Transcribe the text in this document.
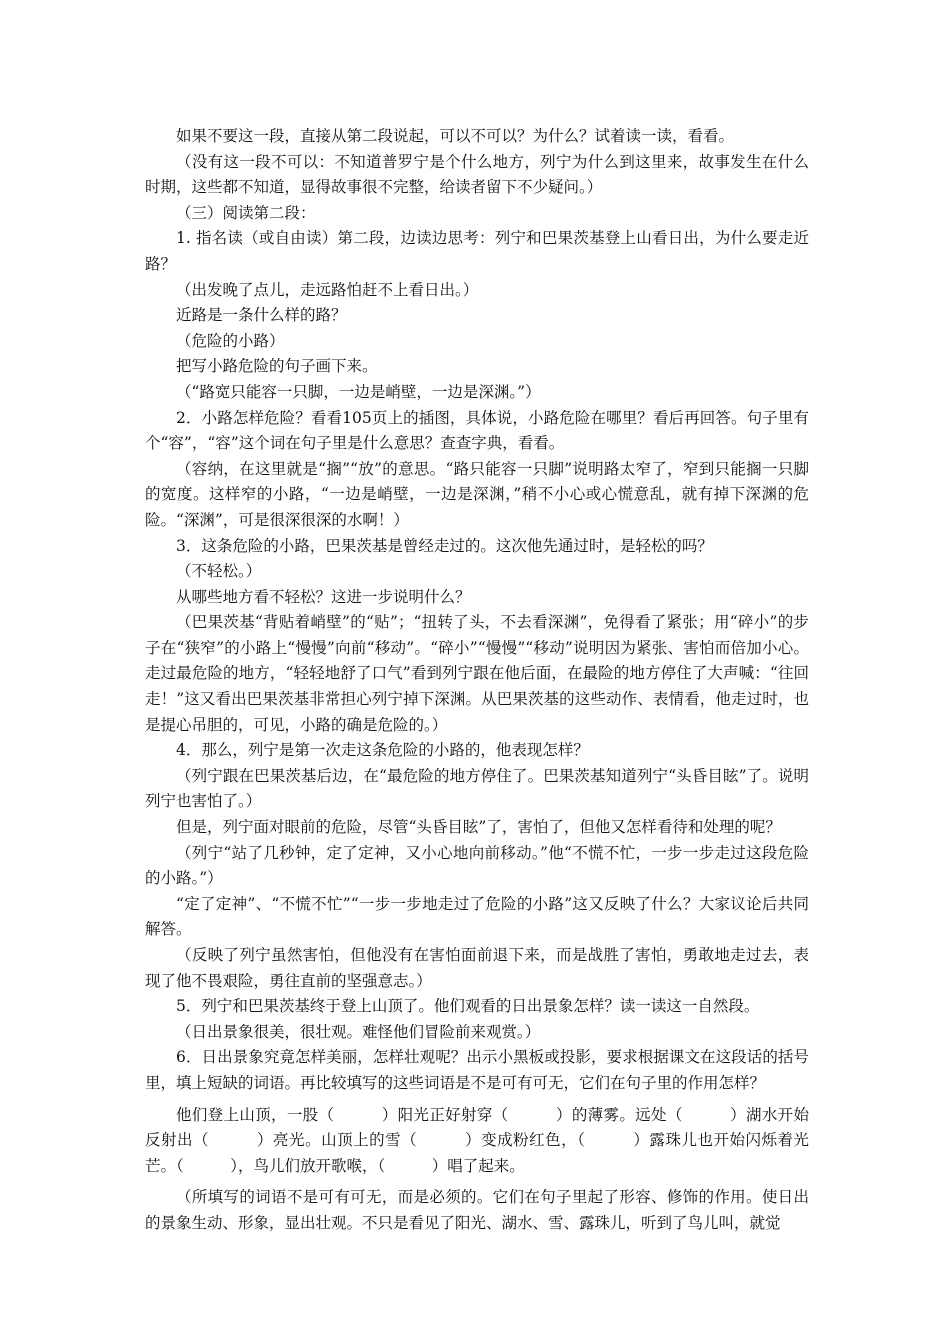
如果不要这一段，直接从第二段说起，可以不可以？为什么？试着读一读，看看。

（没有这一段不可以：不知道普罗宁是个什么地方，列宁为什么到这里来，故事发生在什么时期，这些都不知道，显得故事很不完整，给读者留下不少疑问。）

（三）阅读第二段：

1. 指名读（或自由读）第二段，边读边思考：列宁和巴果茨基登上山看日出，为什么要走近路？

（出发晚了点儿，走远路怕赶不上看日出。）

近路是一条什么样的路？

（危险的小路）

把写小路危险的句子画下来。

（“路宽只能容一只脚，一边是峭壁，一边是深渊。”）

2．小路怎样危险？看看105页上的插图，具体说，小路危险在哪里？看后再回答。句子里有个“容”，“容”这个词在句子里是什么意思？查查字典，看看。

（容纳，在这里就是“搁”“放”的意思。“路只能容一只脚”说明路太窄了，窄到只能搁一只脚的宽度。这样窄的小路，“一边是峭壁，一边是深渊，”稍不小心或心慌意乱，就有掉下深渊的危险。“深渊”，可是很深很深的水啊！）

3．这条危险的小路，巴果茨基是曾经走过的。这次他先通过时，是轻松的吗？

（不轻松。）

从哪些地方看不轻松？这进一步说明什么？

（巴果茨基“背贴着峭壁”的“贴”；“扭转了头，不去看深渊”，免得看了紧张；用“碎小”的步子在“狭窄”的小路上“慢慢”向前“移动”。“碎小”“慢慢”“移动”说明因为紧张、害怕而倍加小心。走过最危险的地方，“轻轻地舒了口气”看到列宁跟在他后面，在最险的地方停住了大声喊：“往回走！”这又看出巴果茨基非常担心列宁掉下深渊。从巴果茨基的这些动作、表情看，他走过时，也是提心吊胆的，可见，小路的确是危险的。）

4．那么，列宁是第一次走这条危险的小路的，他表现怎样？

（列宁跟在巴果茨基后边，在“最危险的地方停住了。巴果茨基知道列宁“头昏目眩”了。说明列宁也害怕了。）

但是，列宁面对眼前的危险，尽管“头昏目眩”了，害怕了，但他又怎样看待和处理的呢？

（列宁“站了几秒钟，定了定神，又小心地向前移动。”他“不慌不忙，一步一步走过这段危险的小路。”）

“定了定神”、“不慌不忙”“一步一步地走过了危险的小路”这又反映了什么？大家议论后共同解答。

（反映了列宁虽然害怕，但他没有在害怕面前退下来，而是战胜了害怕，勇敢地走过去，表现了他不畏艰险，勇往直前的坚强意志。）

5．列宁和巴果茨基终于登上山顶了。他们观看的日出景象怎样？读一读这一自然段。

（日出景象很美，很壮观。难怪他们冒险前来观赏。）

6．日出景象究竟怎样美丽，怎样壮观呢？出示小黑板或投影，要求根据课文在这段话的括号里，填上短缺的词语。再比较填写的这些词语是不是可有可无，它们在句子里的作用怎样？

他们登上山顶，一股（　　　）阳光正好射穿（　　　）的薄雾。远处（　　　）湖水开始反射出（　　　）亮光。山顶上的雪（　　　）变成粉红色，（　　　）露珠儿也开始闪烁着光芒。（　　　），鸟儿们放开歌喉，（　　　）唱了起来。

（所填写的词语不是可有可无，而是必须的。它们在句子里起了形容、修饰的作用。使日出的景象生动、形象，显出壮观。不只是看见了阳光、湖水、雪、露珠儿，听到了鸟儿叫，就觉
